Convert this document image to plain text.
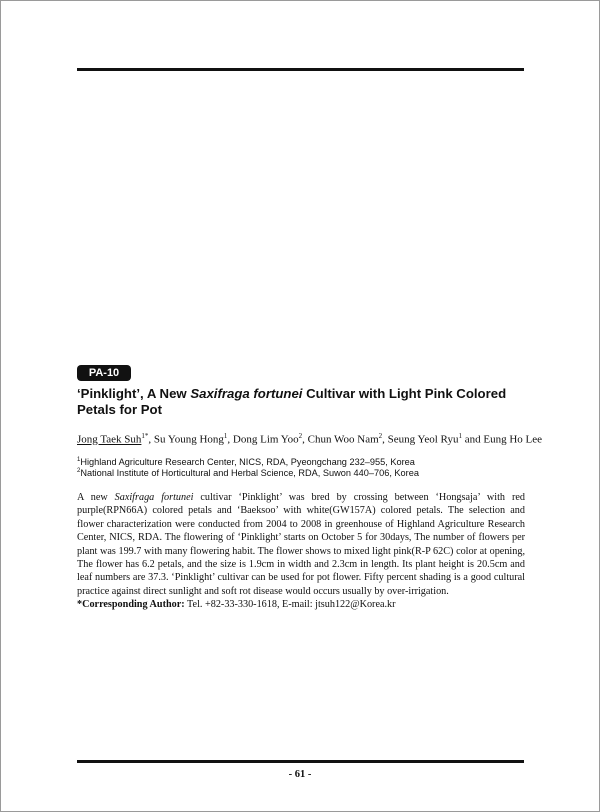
PA-10
‘Pinklight’, A New Saxifraga fortunei Cultivar with Light Pink Colored Petals for Pot
Jong Taek Suh$^{1*}$, Su Young Hong$^1$, Dong Lim Yoo$^2$, Chun Woo Nam$^2$, Seung Yeol Ryu$^1$ and Eung Ho Lee
$^1$Highland Agriculture Research Center, NICS, RDA, Pyeongchang 232–955, Korea
$^2$National Institute of Horticultural and Herbal Science, RDA, Suwon 440–706, Korea

A new Saxifraga fortunei cultivar ‘Pinklight’ was bred by crossing between ‘Hongsaja’ with red purple(RPN66A) colored petals and ‘Baeksoo’ with white(GW157A) colored petals. The selection and flower characterization were conducted from 2004 to 2008 in greenhouse of Highland Agriculture Research Center, NICS, RDA. The flowering of ‘Pinklight’ starts on October 5 for 30days, The number of flowers per plant was 199.7 with many flowering habit. The flower shows to mixed light pink(R-P 62C) color at opening, The flower has 6.2 petals, and the size is 1.9cm in width and 2.3cm in length. Its plant height is 20.5cm and leaf numbers are 37.3. ‘Pinklight’ cultivar can be used for pot flower. Fifty percent shading is a good cultural practice against direct sunlight and soft rot disease would occurs usually by over-irrigation.

*Corresponding Author: Tel. +82-33-330-1618, E-mail: jtsuh122@Korea.kr
- 61 -
